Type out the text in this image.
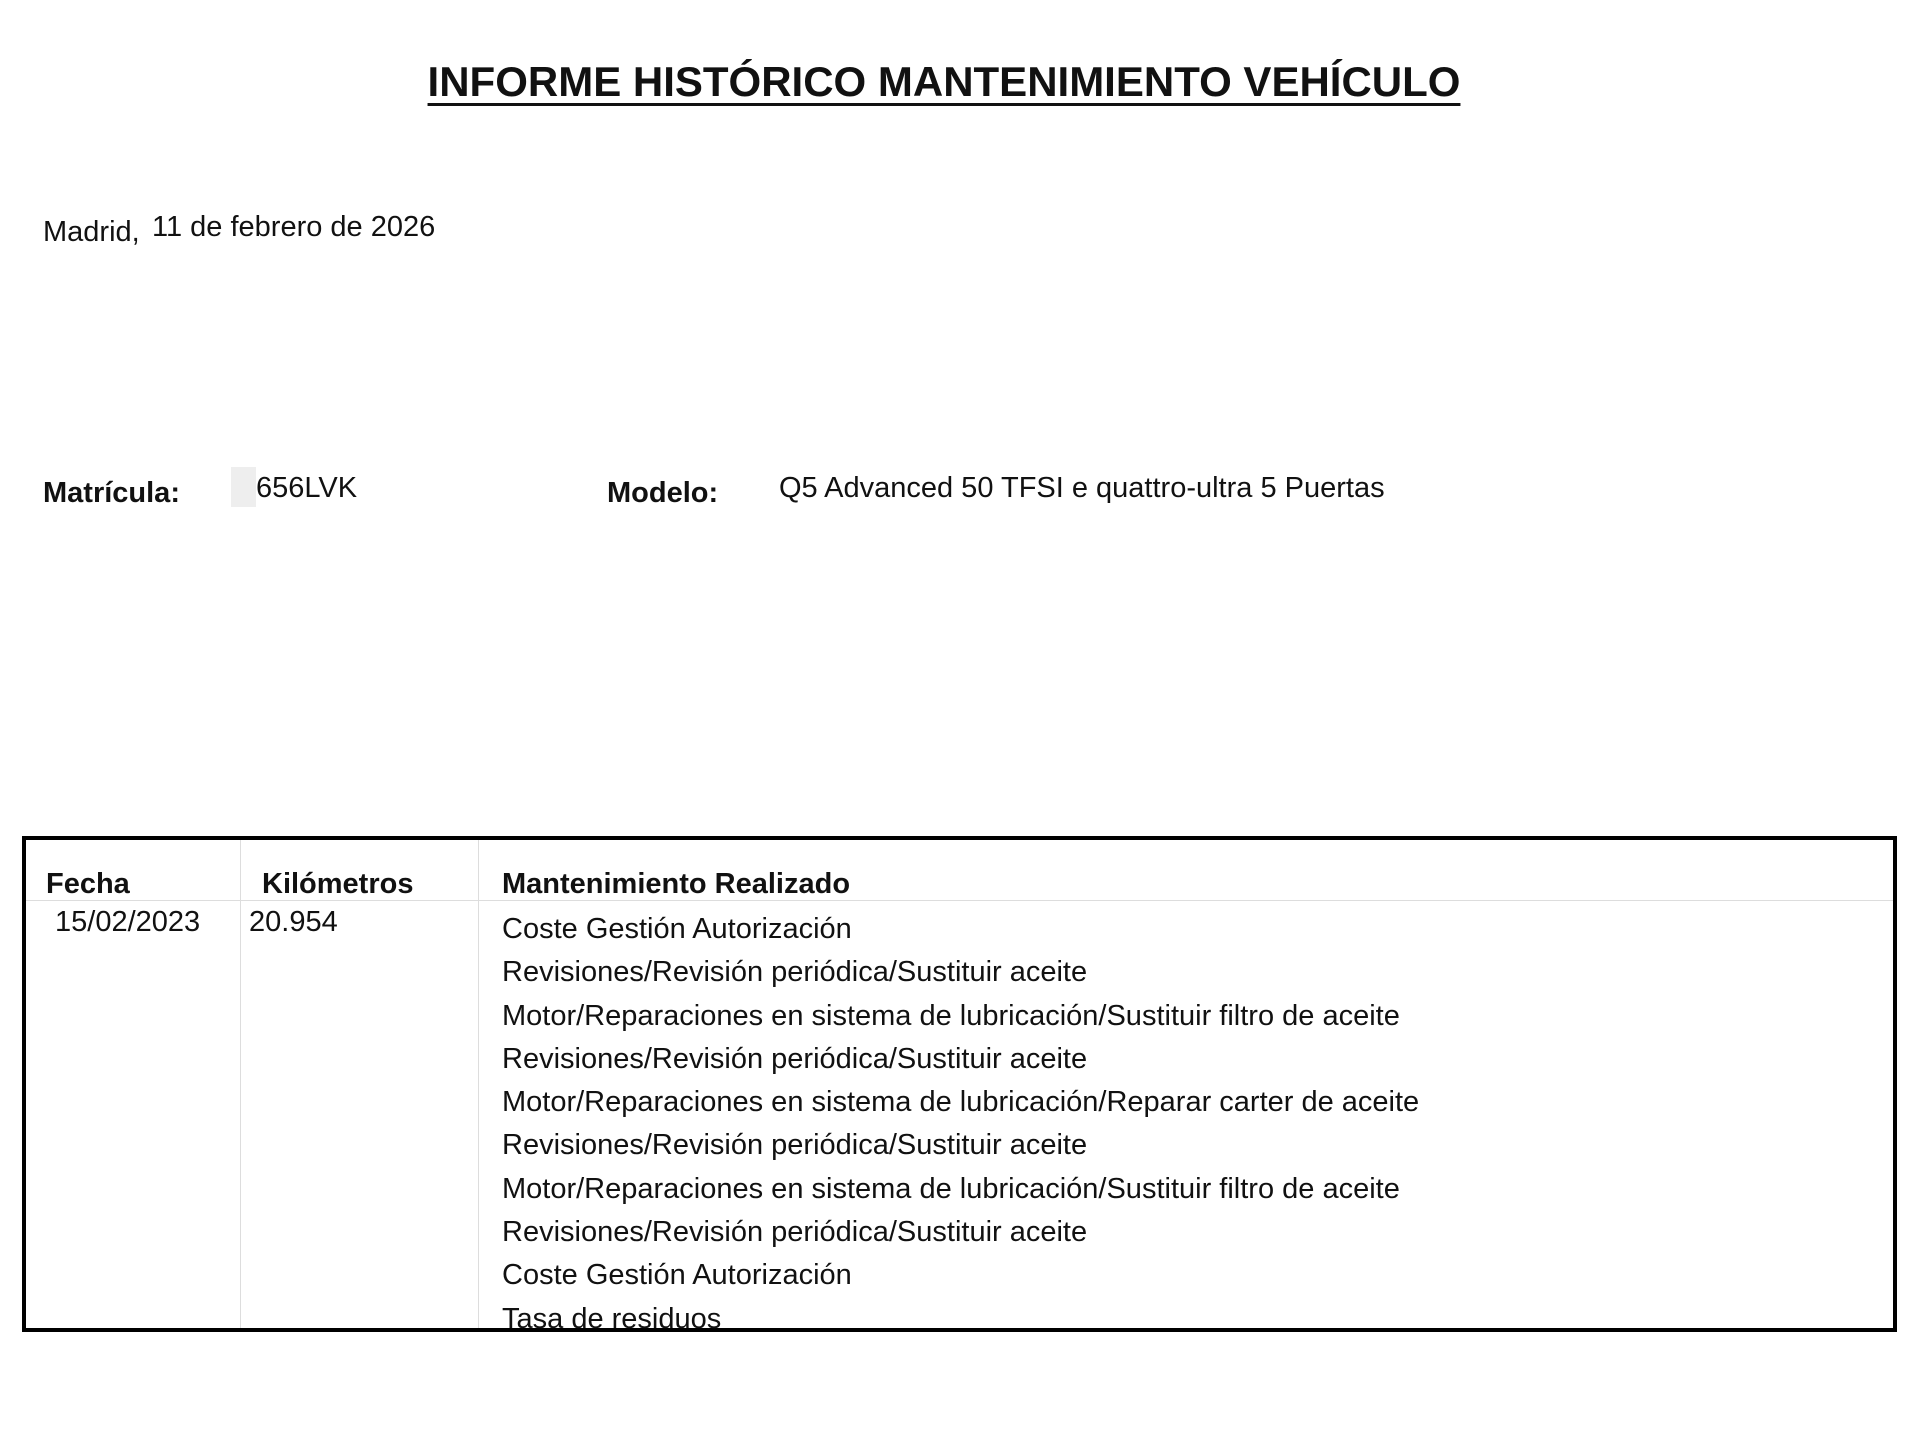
INFORME HISTÓRICO MANTENIMIENTO VEHÍCULO
Madrid, 11 de febrero de 2026
Matrícula:	656LVK	Modelo: Q5 Advanced 50 TFSI e quattro-ultra 5 Puertas
Fecha	Kilómetros	Mantenimiento Realizado
15/02/2023 20.954	Coste Gestión Autorización
Revisiones/Revisión periódica/Sustituir aceite
Motor/Reparaciones en sistema de lubricación/Sustituir filtro de aceite
Revisiones/Revisión periódica/Sustituir aceite
Motor/Reparaciones en sistema de lubricación/Reparar carter de aceite
Revisiones/Revisión periódica/Sustituir aceite
Motor/Reparaciones en sistema de lubricación/Sustituir filtro de aceite
Revisiones/Revisión periódica/Sustituir aceite
Coste Gestión Autorización
Tasa de residuos
